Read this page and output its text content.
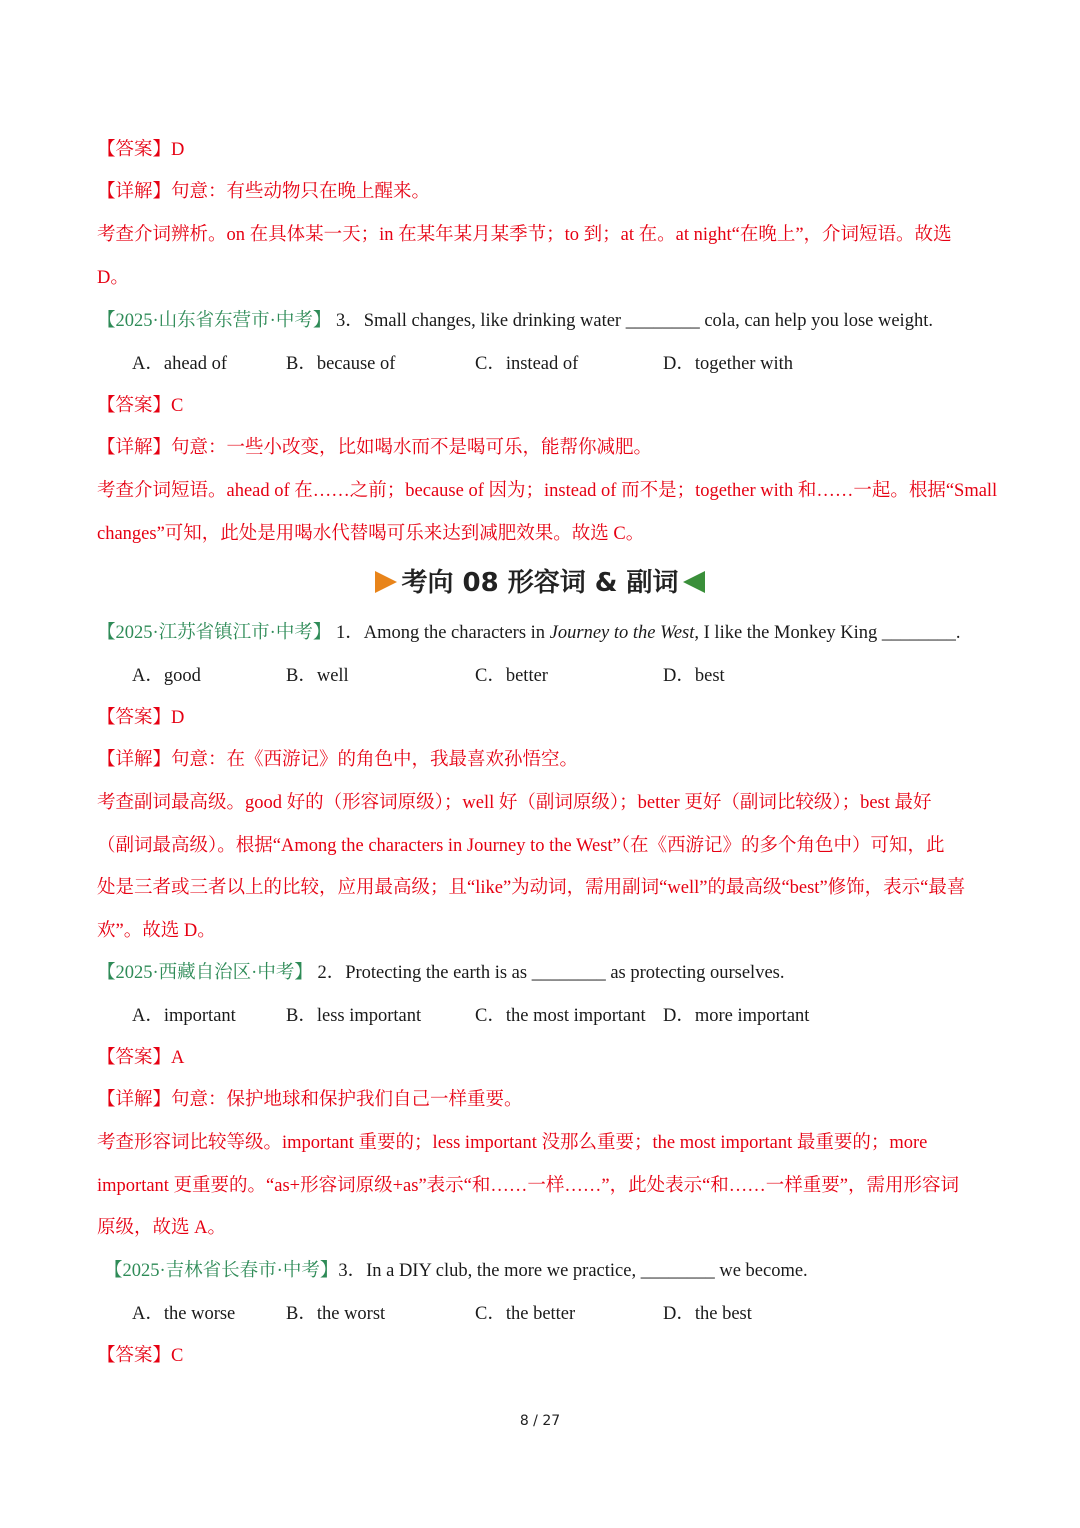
【答案】D
【详解】句意：有些动物只在晚上醒来。
考查介词辨析。on 在具体某一天；in 在某年某月某季节；to 到；at 在。at night“在晚上”，介词短语。故选
D。
【2025·山东省东营市·中考】 3．Small changes, like drinking water ________ cola, can help you lose weight.
A．ahead of	B．because of	C．instead of	D．together with
【答案】C
【详解】句意：一些小改变，比如喝水而不是喝可乐，能帮你减肥。
考查介词短语。ahead of 在……之前；because of 因为；instead of 而不是；together with 和……一起。根据“Small
changes”可知，此处是用喝水代替喝可乐来达到减肥效果。故选 C。
考向 08 形容词 & 副词
【2025·江苏省镇江市·中考】 1．Among the characters in Journey to the West, I like the Monkey King ________.
A．good	B．well	C．better	D．best
【答案】D
【详解】句意：在《西游记》的角色中，我最喜欢孙悟空。
考查副词最高级。good 好的（形容词原级）；well 好（副词原级）；better 更好（副词比较级）；best 最好
（副词最高级）。根据“Among the characters in Journey to the West”（在《西游记》的多个角色中）可知，此
处是三者或三者以上的比较，应用最高级；且“like”为动词，需用副词“well”的最高级“best”修饰，表示“最喜
欢”。故选 D。
【2025·西藏自治区·中考】 2．Protecting the earth is as ________ as protecting ourselves.
A．important	B．less important	C．the most important D．more important
【答案】A
【详解】句意：保护地球和保护我们自己一样重要。
考查形容词比较等级。important 重要的；less important 没那么重要；the most important 最重要的；more
important 更重要的。“as+形容词原级+as”表示“和……一样……”，此处表示“和……一样重要”，需用形容词
原级，故选 A。
【2025·吉林省长春市·中考】3．In a DIY club, the more we practice, ________ we become.
A．the worse	B．the worst	C．the better	D．the best
【答案】C
8 / 27
